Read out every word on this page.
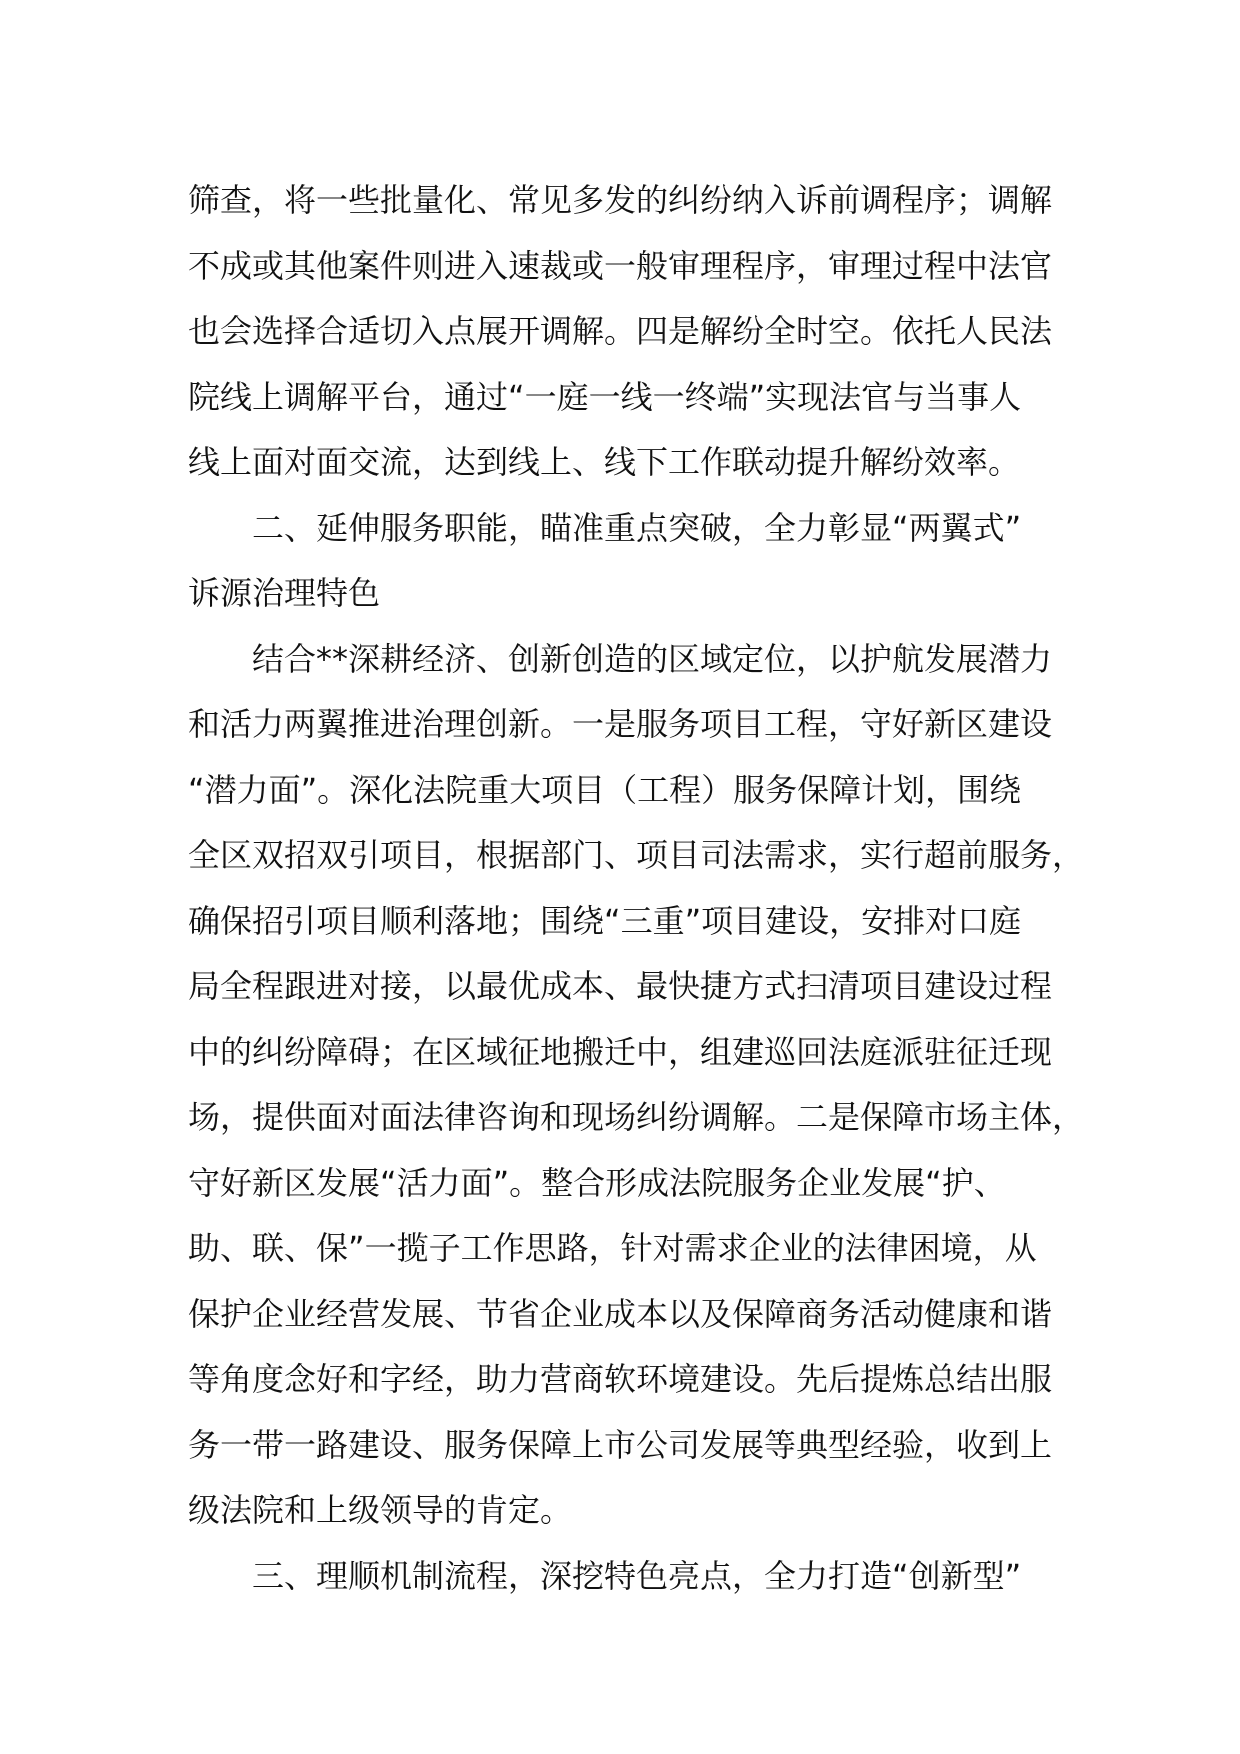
筛查，将一些批量化、常见多发的纠纷纳入诉前调程序；调解
不成或其他案件则进入速裁或一般审理程序，审理过程中法官
也会选择合适切入点展开调解。四是解纷全时空。依托人民法
院线上调解平台，通过“一庭一线一终端”实现法官与当事人
线上面对面交流，达到线上、线下工作联动提升解纷效率。
二、延伸服务职能，瞄准重点突破，全力彰显“两翼式”
诉源治理特色
结合**深耕经济、创新创造的区域定位，以护航发展潜力
和活力两翼推进治理创新。一是服务项目工程，守好新区建设
“潜力面”。深化法院重大项目（工程）服务保障计划，围绕
全区双招双引项目，根据部门、项目司法需求，实行超前服务，
确保招引项目顺利落地；围绕“三重”项目建设，安排对口庭
局全程跟进对接，以最优成本、最快捷方式扫清项目建设过程
中的纠纷障碍；在区域征地搬迁中，组建巡回法庭派驻征迁现
场，提供面对面法律咨询和现场纠纷调解。二是保障市场主体，
守好新区发展“活力面”。整合形成法院服务企业发展“护、
助、联、保”一揽子工作思路，针对需求企业的法律困境，从
保护企业经营发展、节省企业成本以及保障商务活动健康和谐
等角度念好和字经，助力营商软环境建设。先后提炼总结出服
务一带一路建设、服务保障上市公司发展等典型经验，收到上
级法院和上级领导的肯定。
三、理顺机制流程，深挖特色亮点，全力打造“创新型”
